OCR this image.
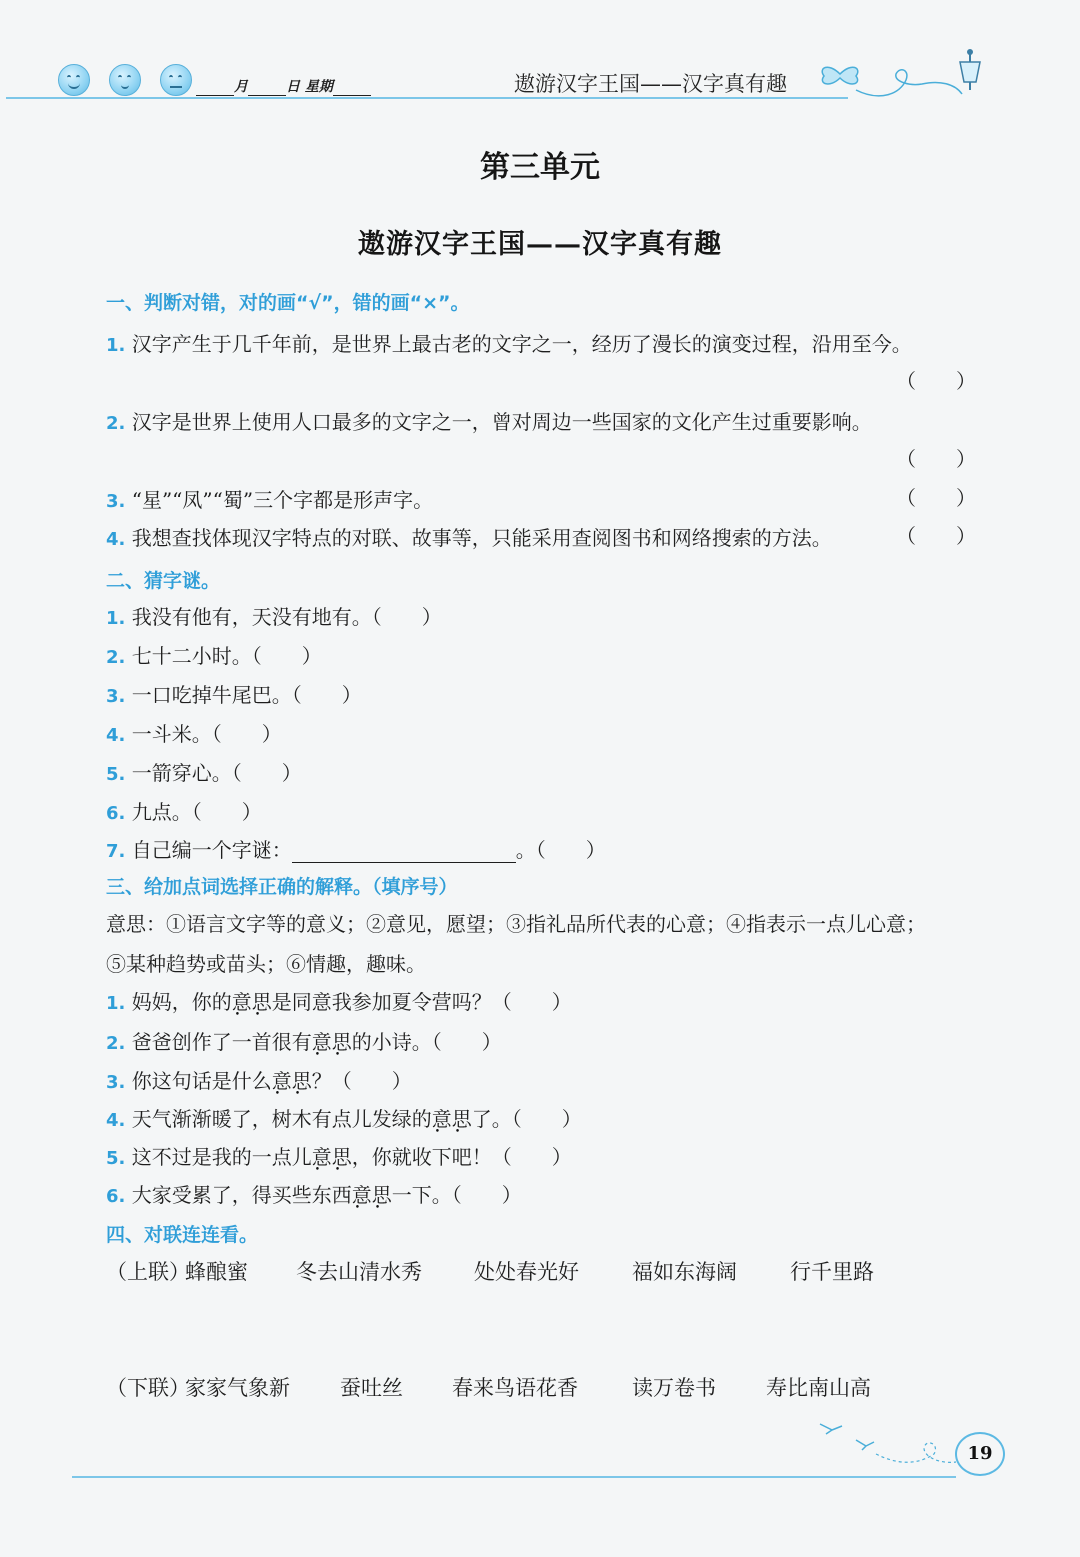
月	日 星期	遨游汉字王国——汉字真有趣
第三单元
遨游汉字王国——汉字真有趣
一、判断对错，对的画“√”，错的画“×”。
1. 汉字产生于几千年前，是世界上最古老的文字之一，经历了漫长的演变过程，沿用至今。
（　　）
2. 汉字是世界上使用人口最多的文字之一，曾对周边一些国家的文化产生过重要影响。
（　　）
3. “星”“凤”“蜀”三个字都是形声字。	（　　）
4. 我想查找体现汉字特点的对联、故事等，只能采用查阅图书和网络搜索的方法。	（　　）
二、猜字谜。
1. 我没有他有，天没有地有。（　　）
2. 七十二小时。（　　）
3. 一口吃掉牛尾巴。（　　）
4. 一斗米。（　　）
5. 一箭穿心。（　　）
6. 九点。（　　）
7. 自己编一个字谜：	。（　　）
三、给加点词选择正确的解释。（填序号）
意思：①语言文字等的意义；②意见，愿望；③指礼品所代表的心意；④指表示一点儿心意；
⑤某种趋势或苗头；⑥情趣，趣味。
1. 妈妈，你的意思 • •是同意我参加夏令营吗？（　　）
2. 爸爸创作了一首很有意思 • •的小诗。（　　）
3. 你这句话是什么意思 • •？（　　）
4. 天气渐渐暖了，树木有点儿发绿的意思 • •了。（　　）
5. 这不过是我的一点儿意思 • •，你就收下吧！（　　）
6. 大家受累了，得买些东西意思 • •一下。（　　）
四、对联连连看。
（上联）
蜂酿蜜 冬去山清水秀 处处春光好	福如东海阔	行千里路
（下联）
家家气象新 蚕吐丝 春来鸟语花香	读万卷书 寿比南山高
19
